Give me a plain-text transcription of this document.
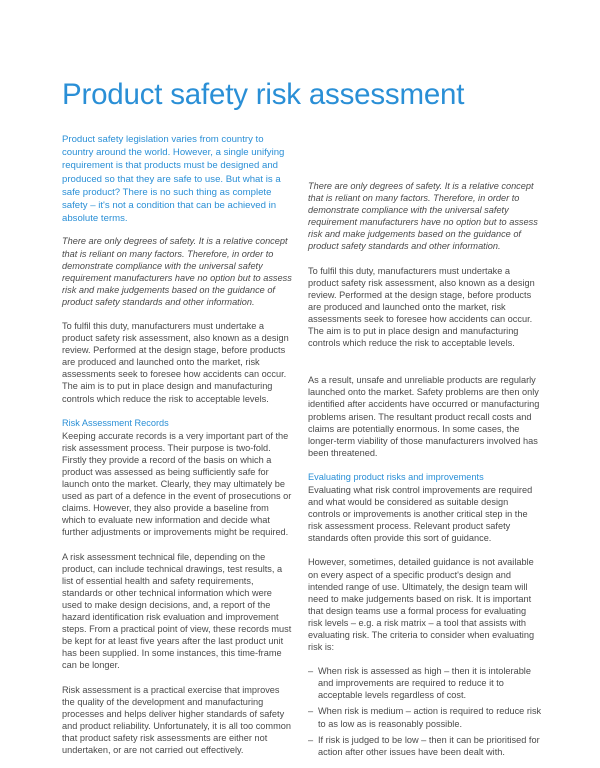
Product safety risk assessment

Product safety legislation varies from country to country around the world. However, a single unifying requirement is that products must be designed and produced so that they are safe to use. But what is a safe product? There is no such thing as complete safety – it's not a condition that can be achieved in absolute terms.

There are only degrees of safety. It is a relative concept that is reliant on many factors. Therefore, in order to demonstrate compliance with the universal safety requirement manufacturers have no option but to assess risk and make judgements based on the guidance of product safety standards and other information.

To fulfil this duty, manufacturers must undertake a product safety risk assessment, also known as a design review. Performed at the design stage, before products are produced and launched onto the market, risk assessments seek to foresee how accidents can occur. The aim is to put in place design and manufacturing controls which reduce the risk to acceptable levels.

Risk Assessment Records

Keeping accurate records is a very important part of the risk assessment process. Their purpose is two-fold. Firstly they provide a record of the basis on which a product was assessed as being sufficiently safe for launch onto the market. Clearly, they may ultimately be used as part of a defence in the event of prosecutions or claims. However, they also provide a baseline from which to evaluate new information and decide what further adjustments or improvements might be required.

A risk assessment technical file, depending on the product, can include technical drawings, test results, a list of essential health and safety requirements, standards or other technical information which were used to make design decisions, and, a report of the hazard identification risk evaluation and improvement steps. From a practical point of view, these records must be kept for at least five years after the last product unit has been supplied. In some instances, this time-frame can be longer.

Risk assessment is a practical exercise that improves the quality of the development and manufacturing processes and helps deliver higher standards of safety and product reliability. Unfortunately, it is all too common that product safety risk assessments are either not undertaken, or are not carried out effectively.

There are only degrees of safety. It is a relative concept that is reliant on many factors. Therefore, in order to demonstrate compliance with the universal safety requirement manufacturers have no option but to assess risk and make judgements based on the guidance of product safety standards and other information.

To fulfil this duty, manufacturers must undertake a product safety risk assessment, also known as a design review. Performed at the design stage, before products are produced and launched onto the market, risk assessments seek to foresee how accidents can occur. The aim is to put in place design and manufacturing controls which reduce the risk to acceptable levels.

As a result, unsafe and unreliable products are regularly launched onto the market. Safety problems are then only identified after accidents have occurred or manufacturing problems arisen. The resultant product recall costs and claims are potentially enormous. In some cases, the longer-term viability of those manufacturers involved has been threatened.

Evaluating product risks and improvements

Evaluating what risk control improvements are required and what would be considered as suitable design controls or improvements is another critical step in the risk assessment process. Relevant product safety standards often provide this sort of guidance.

However, sometimes, detailed guidance is not available on every aspect of a specific product's design and intended range of use. Ultimately, the design team will need to make judgements based on risk. It is important that design teams use a formal process for evaluating risk levels – e.g. a risk matrix – a tool that assists with evaluating risk. The criteria to consider when evaluating risk is:

– When risk is assessed as high – then it is intolerable and improvements are required to reduce it to acceptable levels regardless of cost.

– When risk is medium – action is required to reduce risk to as low as is reasonably possible.

– If risk is judged to be low – then it can be prioritised for action after other issues have been dealt with.
